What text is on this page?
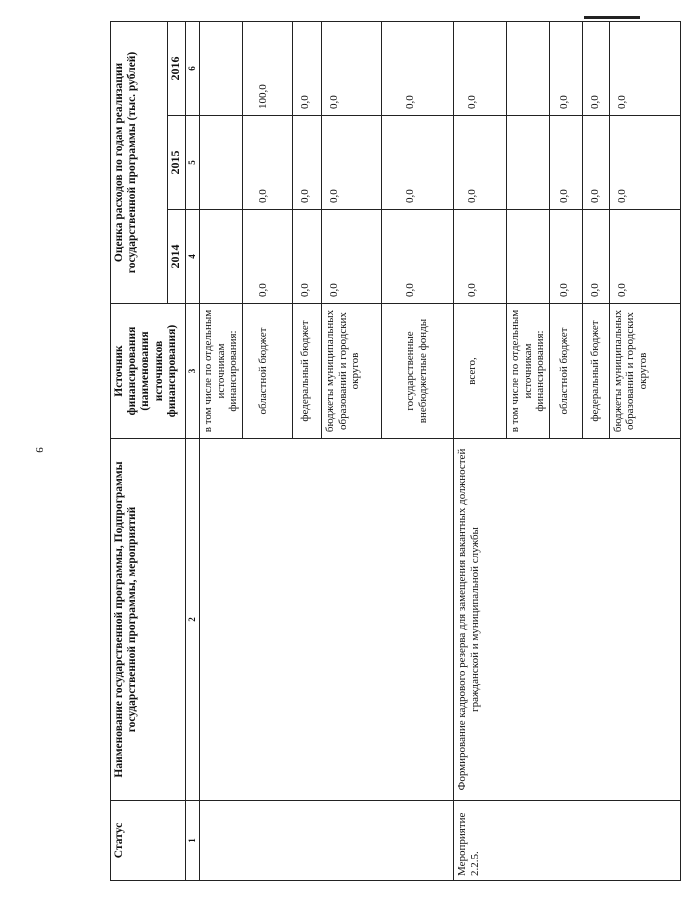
9
Статус	Наименование государственной программы, Подпрограммы государственной программы, мероприятий	Источник финансирования (наименования источников финансирования)	Оценка расходов по годам реализации государственной программы (тыс. рублей)		
			2014	2015	2016
1	2	3	4	5	6
		в том числе по отдельным источникам финансирования:			
		областной бюджет	0,0	0,0	100,0
		федеральный бюджет	0,0	0,0	0,0
		бюджеты муниципальных образований и городских округов	0,0	0,0	0,0
		государственные внебюджетные фонды	0,0	0,0	0,0
Мероприятие 2.2.5.	Формирование кадрового резерва для замещения вакантных должностей гражданской и муниципальной службы	всего,	0,0	0,0	0,0
		в том числе по отдельным источникам финансирования:			
		областной бюджет	0,0	0,0	0,0
		федеральный бюджет	0,0	0,0	0,0
		бюджеты муниципальных образований и городских округов	0,0	0,0	0,0
